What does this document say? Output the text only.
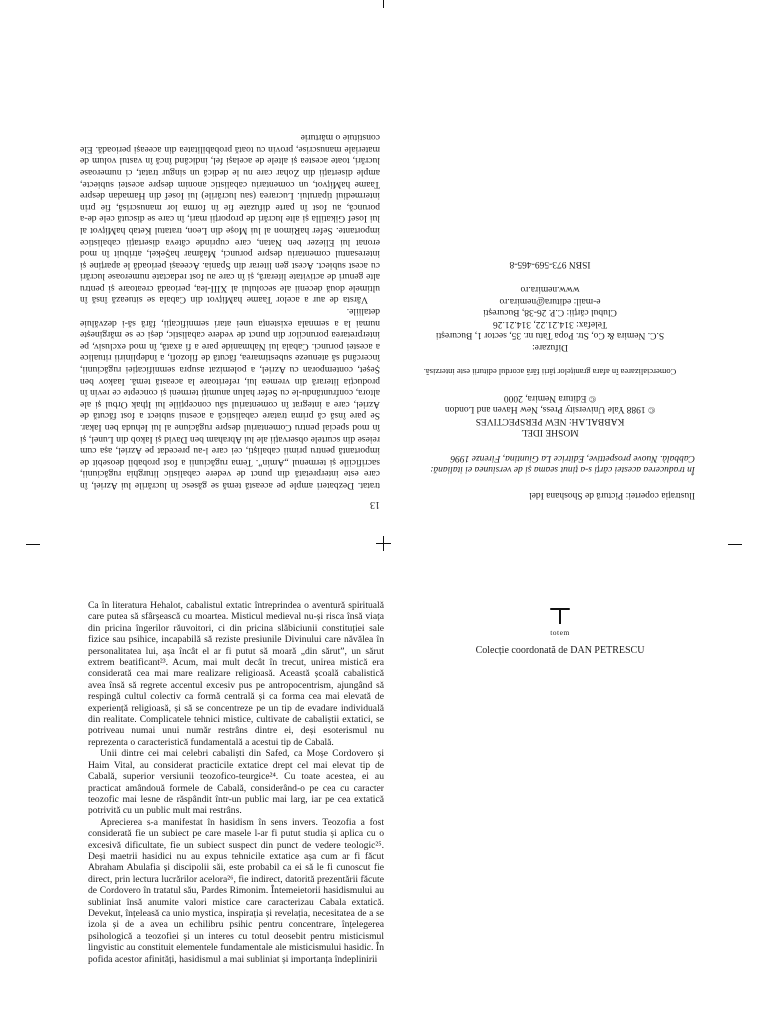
13

tratat. Dezbateri ample pe această temă se găsesc în lucrările lui Azriel, în care este interpretată din punct de vedere cabalistic liturghia rugăciunii, sacrificiile și termenul „Amin”. Tema rugăciunii a fost probabil deosebit de importantă pentru primii cabaliști, cei care l-au precedat pe Azriel, așa cum reiese din scurtele observații ale lui Abraham ben David și Iakob din Lunel, și în mod special pentru Comentariul despre rugăciune al lui Iehuda ben Iakar. Se pare însă că prima tratare cabalistică a acestui subiect a fost făcută de Azriel, care a integrat în comentariul său concepțiile lui Ițhak Orbul și ale altora, confruntându-le cu Sefer haIun anumiți termeni și concepte ce revin în producția literară din vremea lui, referitoare la această temă. Iaakov ben Șeșet, contemporan cu Azriel, a polemizat asupra semnificației rugăciunii, încercând să atenueze subestimarea, făcută de filozofi, a îndeplinirii ritualice a acestei porunci. Cabala lui Nahmanide pare a fi axată, în mod exclusiv, pe interpretarea poruncilor din punct de vedere cabalistic, deși ce se mărginește numai la a semnala existența unei atari semnificații, fără să-i dezvăluie detaliile.

Vârsta de aur a acelor Taame haMițvot din Cabala se situează însă în ultimele două decenii ale secolului al XIII-lea, perioadă creatoare și pentru alte genuri de activitate literară, și în care au fost redactate numeroase lucrări cu acest subiect. Acest gen literar din Spania. Aceeași perioadă le aparține și interesantul comentariu despre porunci, Maămar haȘekel, atribuit în mod eronat lui Eliezer ben Natan, care cuprinde câteva disertații cabalistice importante. Sefer haRimon al lui Moșe din Leon, tratatul Ketab haMițvot al lui Iosef Gikatilla și alte lucrări de proporții mari, în care se discută cele de-a poruncă, au fost în parte difuzate fie în forma lor manuscrisă, fie prin intermediul tiparului. Lucrarea (sau lucrările) lui Iosef din Hamadan despre Taame haMițvot, un comentariu cabalistic anonim despre acestei subiecte, ample disertații din Zohar care nu le dedică un singur tratat, ci numeroase lucrări, toate acestea și altele de același fel, indicând încă în vastul volum de materiale manuscrise, provin cu toată probabilitatea din aceeași perioadă. Ele constituie o mărturie

Ilustrația copertei: Pictură de Shoshana Idel
În traducerea acestei cărți s-a ținut seama și de versiunea ei italiană: Cabbalà. Nuove prospettive, Editrice La Giuntina, Firenze 1996
MOSHE IDEL
KABBALAH: NEW PERSPECTIVES
© 1988 Yale University Press, New Haven and London
© Editura Nemira, 2000
Comercializarea în afara granițelor țării fără acordul editurii este interzisă.
Difuzare:
S.C. Nemira & Co, Str. Popa Tatu nr. 35, sector 1, București
Telefax: 314.21.22, 314.21.26
Clubul cărții: C.P. 26-38, București
e-mail: editura@nemira.ro
www.nemira.ro
ISBN 973-569-465-8

Ca în literatura Hehalot, cabalistul extatic întreprindea o aventură spirituală care putea să sfârșească cu moartea. Misticul medieval nu-și risca însă viața din pricina îngerilor răuvoitori, ci din pricina slăbiciunii constituției sale fizice sau psihice, incapabilă să reziste presiunile Divinului care năvălea în personalitatea lui, așa încât el ar fi putut să moară „din sărut”, un sărut extrem beatificant²³. Acum, mai mult decât în trecut, unirea mistică era considerată cea mai mare realizare religioasă. Această școală cabalistică avea însă să regrete accentul excesiv pus pe antropocentrism, ajungând să respingă cultul colectiv ca formă centrală și ca forma cea mai elevată de experiență religioasă, și să se concentreze pe un tip de evadare individuală din realitate. Complicatele tehnici mistice, cultivate de cabaliștii extatici, se potriveau numai unui număr restrâns dintre ei, deși esoterismul nu reprezenta o caracteristică fundamentală a acestui tip de Cabală.

Unii dintre cei mai celebri cabaliști din Safed, ca Moșe Cordovero și Haim Vital, au considerat practicile extatice drept cel mai elevat tip de Cabală, superior versiunii teozofico-teurgice²⁴. Cu toate acestea, ei au practicat amândouă formele de Cabală, considerând-o pe cea cu caracter teozofic mai lesne de răspândit într-un public mai larg, iar pe cea extatică potrivită cu un public mult mai restrâns.

Aprecierea s-a manifestat în hasidism în sens invers. Teozofia a fost considerată fie un subiect pe care masele l-ar fi putut studia și aplica cu o excesivă dificultate, fie un subiect suspect din punct de vedere teologic²⁵. Deși maetrii hasidici nu au expus tehnicile extatice așa cum ar fi făcut Abraham Abulafia și discipolii săi, este probabil ca ei să le fi cunoscut fie direct, prin lectura lucrărilor acelora²⁶, fie indirect, datorită prezentării făcute de Cordovero în tratatul său, Pardes Rimonim. Întemeietorii hasidismului au subliniat însă anumite valori mistice care caracterizau Cabala extatică. Devekut, înțeleasă ca unio mystica, inspirația și revelația, necesitatea de a se izola și de a avea un echilibru psihic pentru concentrare, înțelegerea psihologică a teozofiei și un interes cu totul deosebit pentru misticismul lingvistic au constituit elementele fundamentale ale misticismului hasidic. În pofida acestor afinități, hasidismul a mai subliniat și importanța îndeplinirii

totem
Colecție coordonată de DAN PETRESCU
